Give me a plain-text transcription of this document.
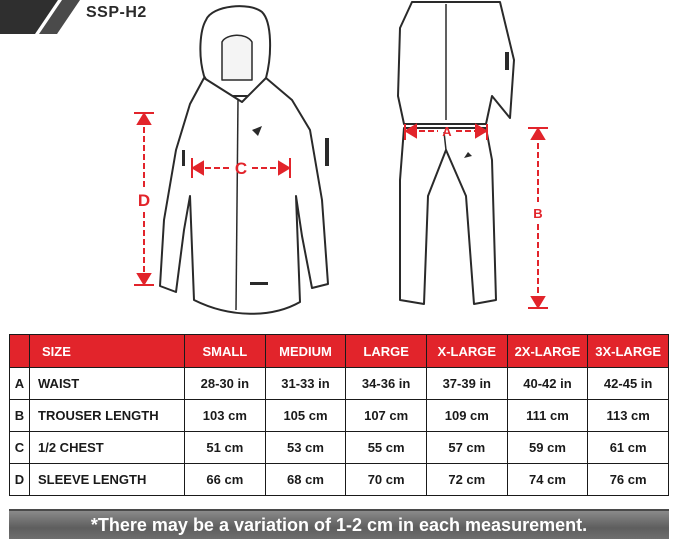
SSP-H2
D
C
A
B
	SIZE	SMALL	MEDIUM	LARGE	X-LARGE	2X-LARGE	3X-LARGE
A	WAIST	28-30 in	31-33 in	34-36 in	37-39 in	40-42 in	42-45 in
B	TROUSER LENGTH	103 cm	105 cm	107 cm	109 cm	111 cm	113 cm
C	1/2 CHEST	51 cm	53 cm	55 cm	57 cm	59 cm	61 cm
D	SLEEVE LENGTH	66 cm	68 cm	70 cm	72 cm	74 cm	76 cm
*There may be a variation of 1-2 cm in each measurement.
